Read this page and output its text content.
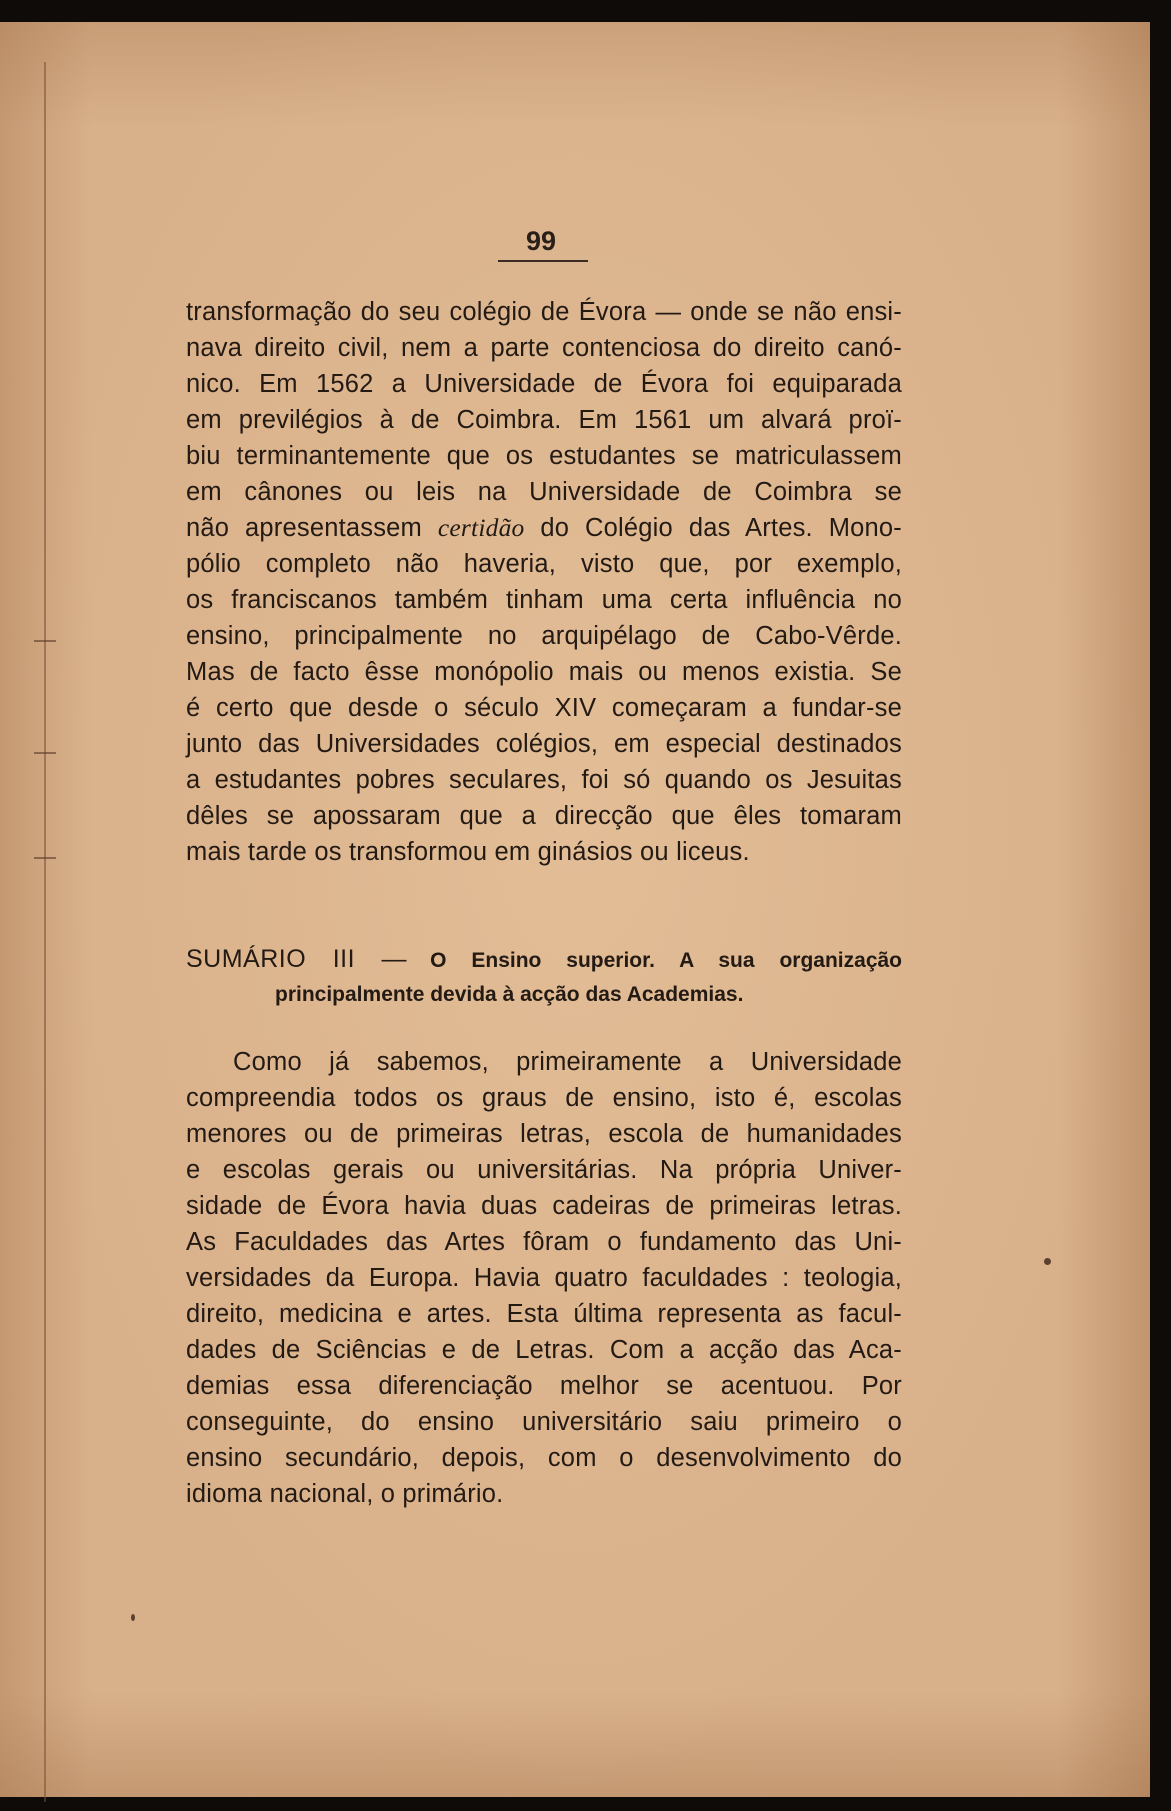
99
transformação do seu colégio de Évora — onde se não ensi-
nava direito civil, nem a parte contenciosa do direito canó-
nico. Em 1562 a Universidade de Évora foi equiparada
em previlégios à de Coimbra. Em 1561 um alvará proï-
biu terminantemente que os estudantes se matriculassem
em cânones ou leis na Universidade de Coimbra se
não apresentassem certidão do Colégio das Artes. Mono-
pólio completo não haveria, visto que, por exemplo,
os franciscanos também tinham uma certa influência no
ensino, principalmente no arquipélago de Cabo-Vêrde.
Mas de facto êsse monópolio mais ou menos existia. Se
é certo que desde o século XIV começaram a fundar-se
junto das Universidades colégios, em especial destinados
a estudantes pobres seculares, foi só quando os Jesuitas
dêles se apossaram que a direcção que êles tomaram
mais tarde os transformou em ginásios ou liceus.
SUMÁRIO III — O Ensino superior. A sua organização
principalmente devida à acção das Academias.
Como já sabemos, primeiramente a Universidade
compreendia todos os graus de ensino, isto é, escolas
menores ou de primeiras letras, escola de humanidades
e escolas gerais ou universitárias. Na própria Univer-
sidade de Évora havia duas cadeiras de primeiras letras.
As Faculdades das Artes fôram o fundamento das Uni-
versidades da Europa. Havia quatro faculdades : teologia,
direito, medicina e artes. Esta última representa as facul-
dades de Sciências e de Letras. Com a acção das Aca-
demias essa diferenciação melhor se acentuou. Por
conseguinte, do ensino universitário saiu primeiro o
ensino secundário, depois, com o desenvolvimento do
idioma nacional, o primário.
